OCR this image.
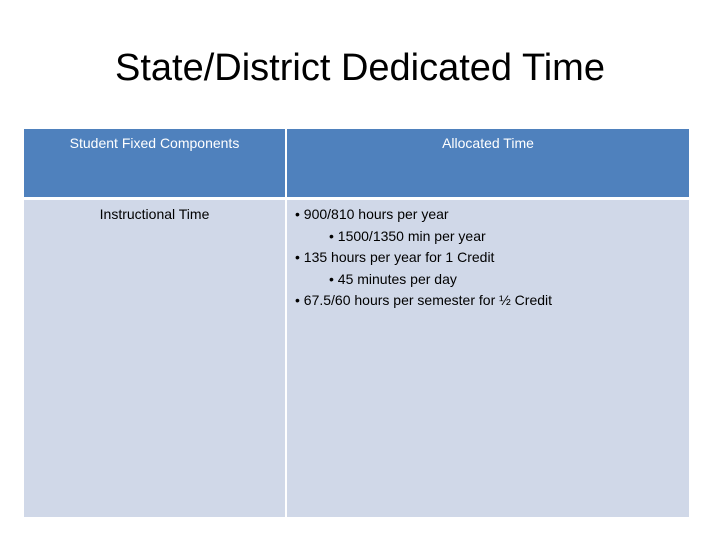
State/District Dedicated Time
Student Fixed Components	Allocated Time
Instructional Time	• 900/810 hours per year
• 1500/1350 min per year
• 135 hours per year for 1 Credit
• 45 minutes per day
• 67.5/60 hours per semester for ½ Credit
